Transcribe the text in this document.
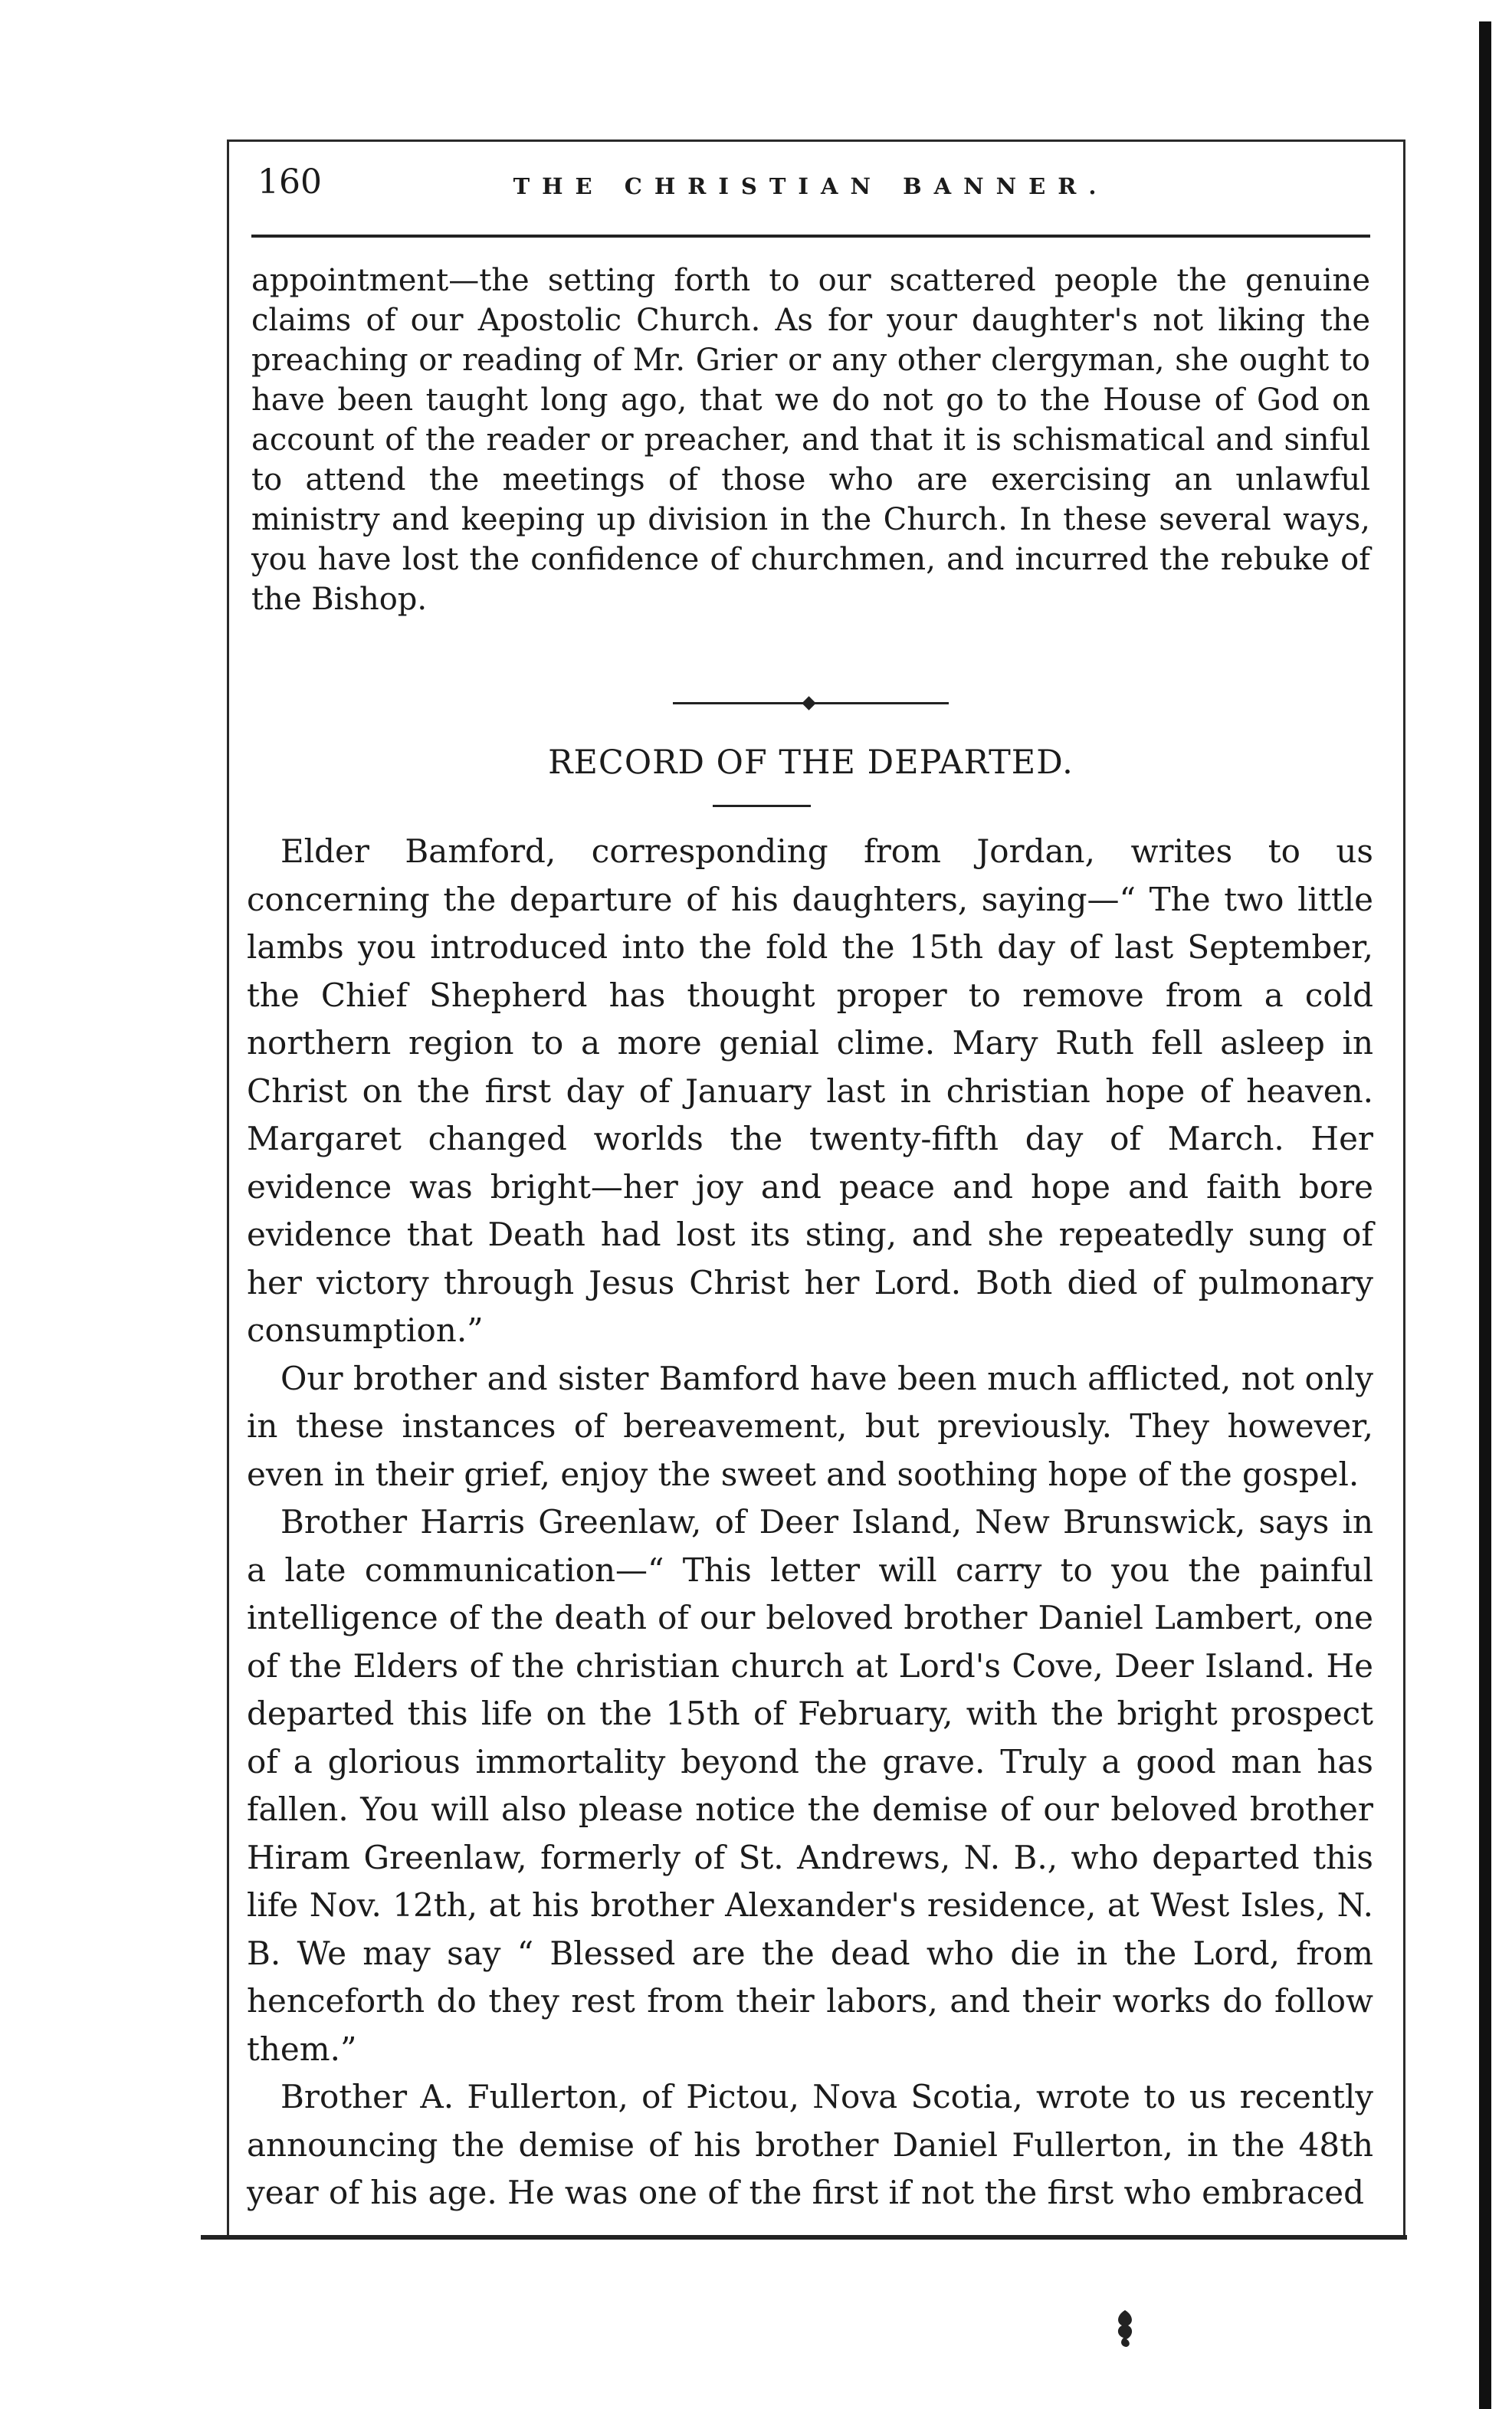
160	THE CHRISTIAN BANNER.

appointment—the setting forth to our scattered people the genuine claims of our Apostolic Church. As for your daughter's not liking the preaching or reading of Mr. Grier or any other clergyman, she ought to have been taught long ago, that we do not go to the House of God on account of the reader or preacher, and that it is schismatical and sinful to attend the meetings of those who are exercising an unlawful ministry and keeping up division in the Church. In these several ways, you have lost the confidence of churchmen, and incurred the rebuke of the Bishop.

RECORD OF THE DEPARTED.

Elder Bamford, corresponding from Jordan, writes to us concerning the departure of his daughters, saying—“ The two little lambs you introduced into the fold the 15th day of last September, the Chief Shepherd has thought proper to remove from a cold northern region to a more genial clime. Mary Ruth fell asleep in Christ on the first day of January last in christian hope of heaven. Margaret changed worlds the twenty-fifth day of March. Her evidence was bright—her joy and peace and hope and faith bore evidence that Death had lost its sting, and she repeatedly sung of her victory through Jesus Christ her Lord. Both died of pulmonary consumption.”

Our brother and sister Bamford have been much afflicted, not only in these instances of bereavement, but previously. They however, even in their grief, enjoy the sweet and soothing hope of the gospel.

Brother Harris Greenlaw, of Deer Island, New Brunswick, says in a late communication—“ This letter will carry to you the painful intelligence of the death of our beloved brother Daniel Lambert, one of the Elders of the christian church at Lord's Cove, Deer Island. He departed this life on the 15th of February, with the bright prospect of a glorious immortality beyond the grave. Truly a good man has fallen. You will also please notice the demise of our beloved brother Hiram Greenlaw, formerly of St. Andrews, N. B., who departed this life Nov. 12th, at his brother Alexander's residence, at West Isles, N. B. We may say “ Blessed are the dead who die in the Lord, from henceforth do they rest from their labors, and their works do follow them.”

Brother A. Fullerton, of Pictou, Nova Scotia, wrote to us recently announcing the demise of his brother Daniel Fullerton, in the 48th year of his age. He was one of the first if not the first who embraced
